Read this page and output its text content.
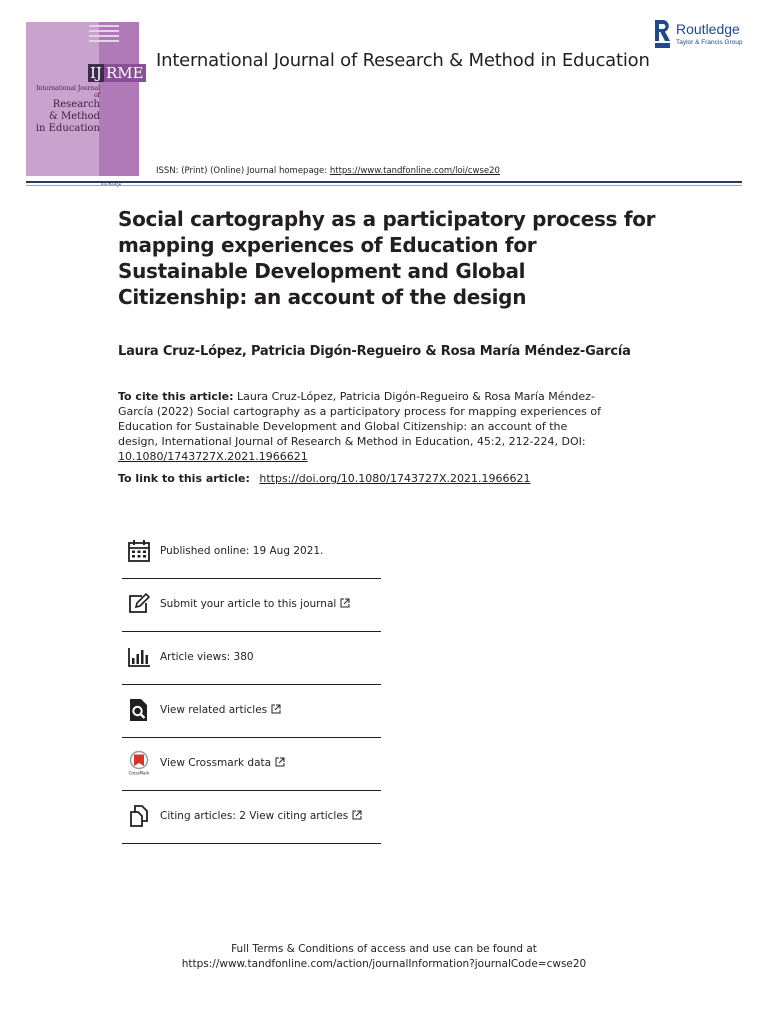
IJ RME
International Journal of
Research
& Method
in Education
International Journal of Research & Method in Education
Routledge
Taylor & Francis Group
ISSN: (Print) (Online) Journal homepage: https://www.tandfonline.com/loi/cwse20
Social cartography as a participatory process for mapping experiences of Education for Sustainable Development and Global Citizenship: an account of the design
Laura Cruz-López, Patricia Digón-Regueiro & Rosa María Méndez-García
To cite this article: Laura Cruz-López, Patricia Digón-Regueiro & Rosa María Méndez-García (2022) Social cartography as a participatory process for mapping experiences of Education for Sustainable Development and Global Citizenship: an account of the design, International Journal of Research & Method in Education, 45:2, 212-224, DOI: 10.1080/1743727X.2021.1966621
To link to this article: https://doi.org/10.1080/1743727X.2021.1966621
Published online: 19 Aug 2021.
Submit your article to this journal
Article views: 380
View related articles
CrossMark
View Crossmark data
Citing articles: 2 View citing articles
Full Terms & Conditions of access and use can be found at
https://www.tandfonline.com/action/journalInformation?journalCode=cwse20
